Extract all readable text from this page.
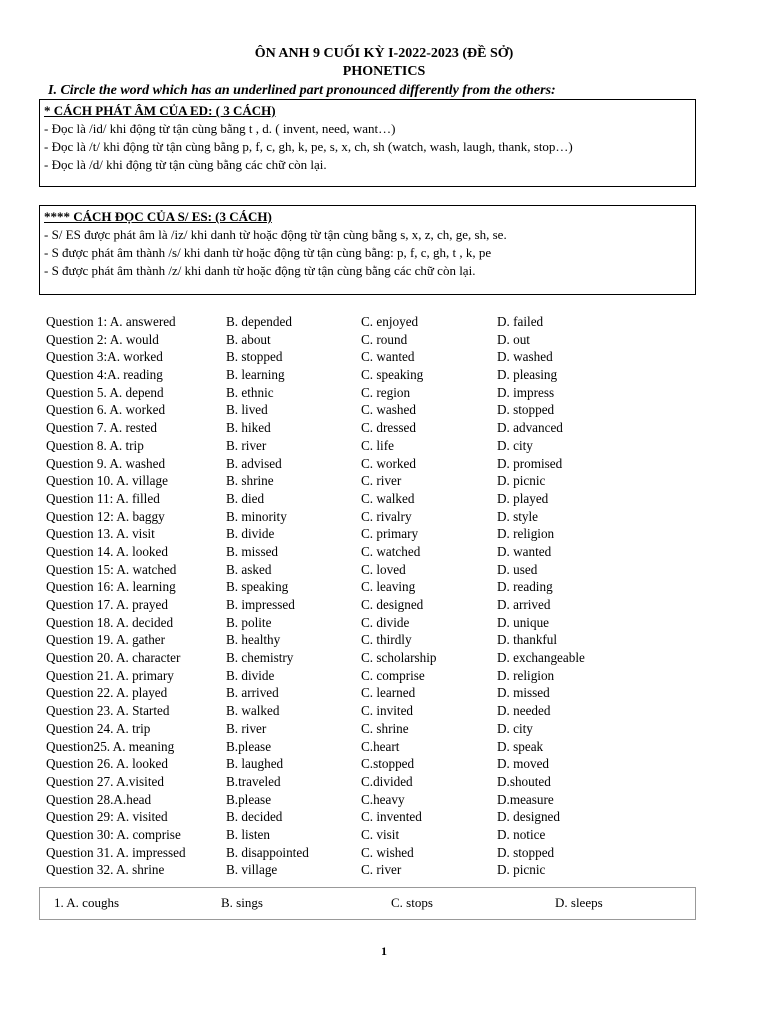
ÔN ANH 9 CUỐI KỲ I-2022-2023 (ĐỀ SỞ)
PHONETICS
I. Circle the word which has an underlined part pronounced differently from the others:
* CÁCH PHÁT ÂM CỦA ED: ( 3 CÁCH)
- Đọc là /id/ khi động từ tận cùng bằng t , d. ( invent, need, want…)
- Đọc là /t/ khi động từ tận cùng bằng p, f, c, gh, k, pe, s, x, ch, sh (watch, wash, laugh, thank, stop…)
- Đọc là /d/ khi động từ tận cùng bằng các chữ còn lại.
**** CÁCH ĐỌC CỦA S/ ES: (3 CÁCH)
- S/ ES được phát âm là /iz/ khi danh từ hoặc động từ tận cùng bằng s, x, z, ch, ge, sh, se.
- S được phát âm thành /s/ khi danh từ hoặc động từ tận cùng bằng: p, f, c, gh, t , k, pe
- S được phát âm thành /z/ khi danh từ hoặc động từ tận cùng bằng các chữ còn lại.
Question 1: A. answered	B. depended	C. enjoyed	D. failed
Question 2: A. would	B. about	C. round	D. out
Question 3:A. worked	B. stopped	C. wanted	D. washed
Question 4:A. reading	B. learning	C. speaking	D. pleasing
Question 5. A. depend	B. ethnic	C. region	D. impress
Question 6. A. worked	B. lived	C. washed	D. stopped
Question 7. A. rested	B. hiked	C. dressed	D. advanced
Question 8. A. trip	B. river	C. life	D. city
Question 9. A. washed	B. advised	C. worked	D. promised
Question 10. A. village	B. shrine	C. river	D. picnic
Question 11: A. filled	B. died	C. walked	D. played
Question 12: A. baggy	B. minority	C. rivalry	D. style
Question 13. A. visit	B. divide	C. primary	D. religion
Question 14. A. looked	B. missed	C. watched	D. wanted
Question 15: A. watched	B. asked	C. loved	D. used
Question 16: A. learning	B. speaking	C. leaving	D. reading
Question 17. A. prayed	B. impressed	C. designed	D. arrived
Question 18. A. decided	B. polite	C. divide	D. unique
Question 19. A. gather	B. healthy	C. thirdly	D. thankful
Question 20. A. character	B. chemistry	C. scholarship	D. exchangeable
Question 21. A. primary	B. divide	C. comprise	D. religion
Question 22. A. played	B. arrived	C. learned	D. missed
Question 23. A. Started	B. walked	C. invited	D. needed
Question 24. A. trip	B. river	C. shrine	D. city
Question25. A. meaning	B.please	C.heart	D. speak
Question 26. A. looked	B. laughed	C.stopped	D. moved
Question 27. A.visited	B.traveled	C.divided	D.shouted
Question 28.A.head	B.please	C.heavy	D.measure
Question 29: A. visited	B. decided	C. invented	D. designed
Question 30: A. comprise	B. listen	C. visit	D. notice
Question 31. A. impressed	B. disappointed	C. wished	D. stopped
Question 32. A. shrine	B. village	C. river	D. picnic
1. A. coughs	B. sings	C. stops	D. sleeps
1
